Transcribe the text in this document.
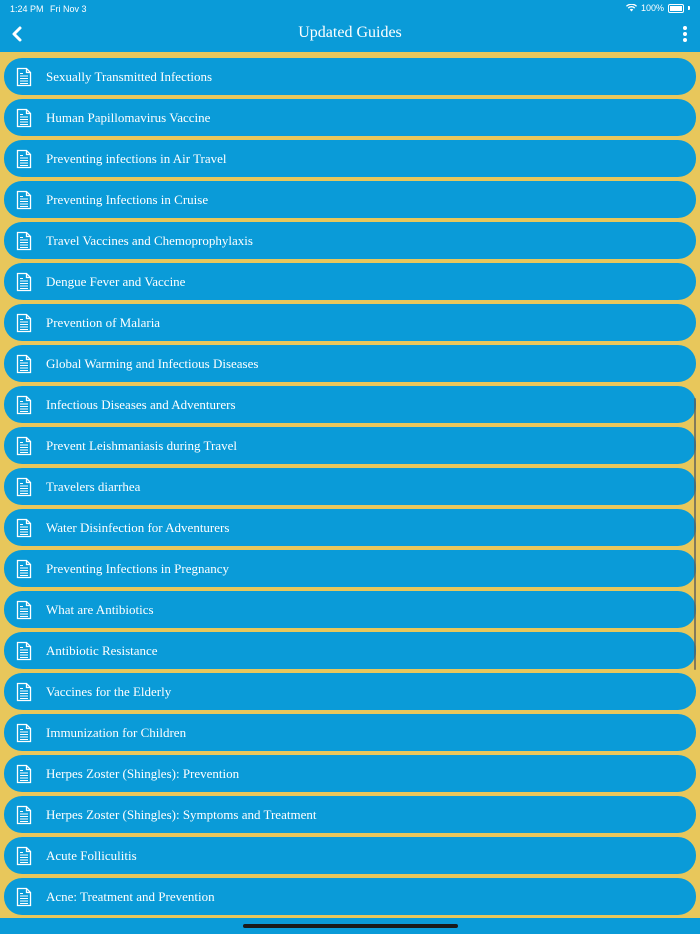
1:24 PM Fri Nov 3	100%
Updated Guides
Sexually Transmitted Infections
Human Papillomavirus Vaccine
Preventing infections in Air Travel
Preventing Infections in Cruise
Travel Vaccines and Chemoprophylaxis
Dengue Fever and Vaccine
Prevention of Malaria
Global Warming and Infectious Diseases
Infectious Diseases and Adventurers
Prevent Leishmaniasis during Travel
Travelers diarrhea
Water Disinfection for Adventurers
Preventing Infections in Pregnancy
What are Antibiotics
Antibiotic Resistance
Vaccines for the Elderly
Immunization for Children
Herpes Zoster (Shingles): Prevention
Herpes Zoster (Shingles): Symptoms and Treatment
Acute Folliculitis
Acne: Treatment and Prevention
